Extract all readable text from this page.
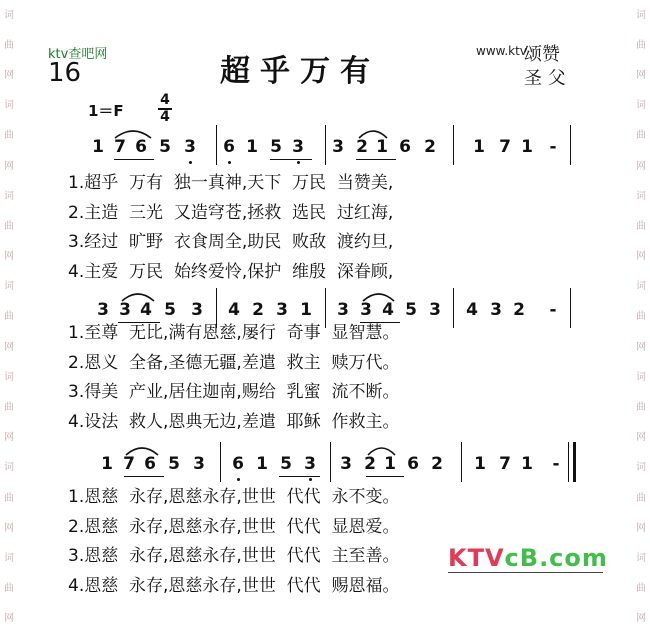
词
曲
网
词
曲
网
词
曲
网
词
曲
网
词
曲
网
词
曲
网
词
曲
网
词
曲
网
词
曲
网
词
曲
网
词
曲
网
词
曲
网
词
曲
网
词
曲
网
ktv查吧网
16	超乎万有
www.ktv
颂赞
圣 父
1＝F
4
4
1 7 6 5 3 6 1 5 3 3 2 1 6 2 1 7 1 -
1.超乎  万有  独一真神,天下  万民  当赞美,
2.主造  三光  又造穹苍,拯救  选民  过红海,
3.经过  旷野  衣食周全,助民  败敌  渡约旦,
4.主爱  万民  始终爱怜,保护  维殷  深眷顾,
3 3 4 5 3 4 2 3 1 3 3 4 5 3 4 3 2 -
1.至尊  无比,满有恩慈,屡行  奇事  显智慧。
2.恩义  全备,圣德无疆,差遣  救主  赎万代。
3.得美  产业,居住迦南,赐给  乳蜜  流不断。
4.设法  救人,恩典无边,差遣  耶稣  作救主。
1 7 6 5 3 6 1 5 3 3 2 1 6 2 1 7 1 -
1.恩慈  永存,恩慈永存,世世  代代  永不变。
2.恩慈  永存,恩慈永存,世世  代代  显恩爱。
3.恩慈  永存,恩慈永存,世世  代代  主至善。
4.恩慈  永存,恩慈永存,世世  代代  赐恩福。
KTVcB.com
